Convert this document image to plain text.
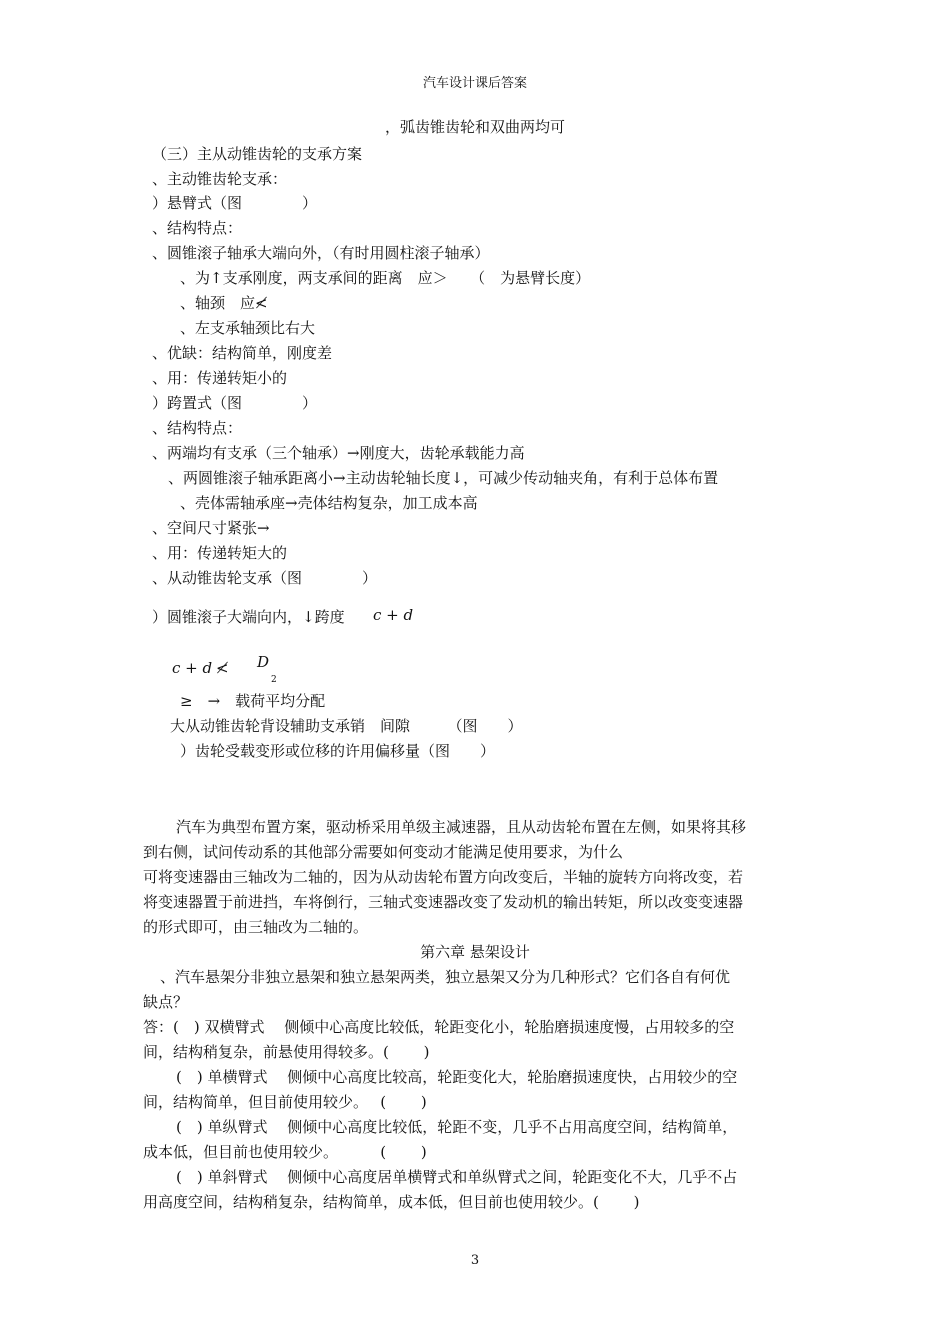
汽车设计课后答案
，弧齿锥齿轮和双曲两均可
（三）主从动锥齿轮的支承方案
、主动锥齿轮支承：
）悬臂式（图　　　　）
、结构特点：
、圆锥滚子轴承大端向外，（有时用圆柱滚子轴承）
、为↑支承刚度，两支承间的距离　应＞　　（　为悬臂长度）
、轴颈　应≮
、左支承轴颈比右大
、优缺：结构简单，刚度差
、用：传递转矩小的
）跨置式（图　　　　）
、结构特点：
、两端均有支承（三个轴承）→刚度大，齿轮承载能力高
、两圆锥滚子轴承距离小→主动齿轮轴长度↓，可减少传动轴夹角，有利于总体布置
、壳体需轴承座→壳体结构复杂，加工成本高
、空间尺寸紧张→
、用：传递转矩大的
、从动锥齿轮支承（图　　　　）
）圆锥滚子大端向内，↓跨度
≥　→　载荷平均分配
大从动锥齿轮背设辅助支承销　间隙　　　（图　　）
）齿轮受载变形或位移的许用偏移量（图　　）
汽车为典型布置方案，驱动桥采用单级主减速器，且从动齿轮布置在左侧，如果将其移
到右侧，试问传动系的其他部分需要如何变动才能满足使用要求，为什么
可将变速器由三轴改为二轴的，因为从动齿轮布置方向改变后，半轴的旋转方向将改变，若
将变速器置于前进挡，车将倒行，三轴式变速器改变了发动机的输出转矩，所以改变变速器
的形式即可，由三轴改为二轴的。
第六章 悬架设计
、汽车悬架分非独立悬架和独立悬架两类，独立悬架又分为几种形式？它们各自有何优
缺点？
答：(　) 双横臂式　 侧倾中心高度比较低，轮距变化小，轮胎磨损速度慢，占用较多的空
间，结构稍复杂，前悬使用得较多。(　　 )
(　) 单横臂式　 侧倾中心高度比较高，轮距变化大，轮胎磨损速度快，占用较少的空
间，结构简单，但目前使用较少。　 (　　 )
(　) 单纵臂式　 侧倾中心高度比较低，轮距不变，几乎不占用高度空间，结构简单，
成本低，但目前也使用较少。　　　 (　　 )
(　) 单斜臂式　 侧倾中心高度居单横臂式和单纵臂式之间，轮距变化不大，几乎不占
用高度空间，结构稍复杂，结构简单，成本低，但目前也使用较少。(　　 )
c + d
c + d ≮ D
2
3
